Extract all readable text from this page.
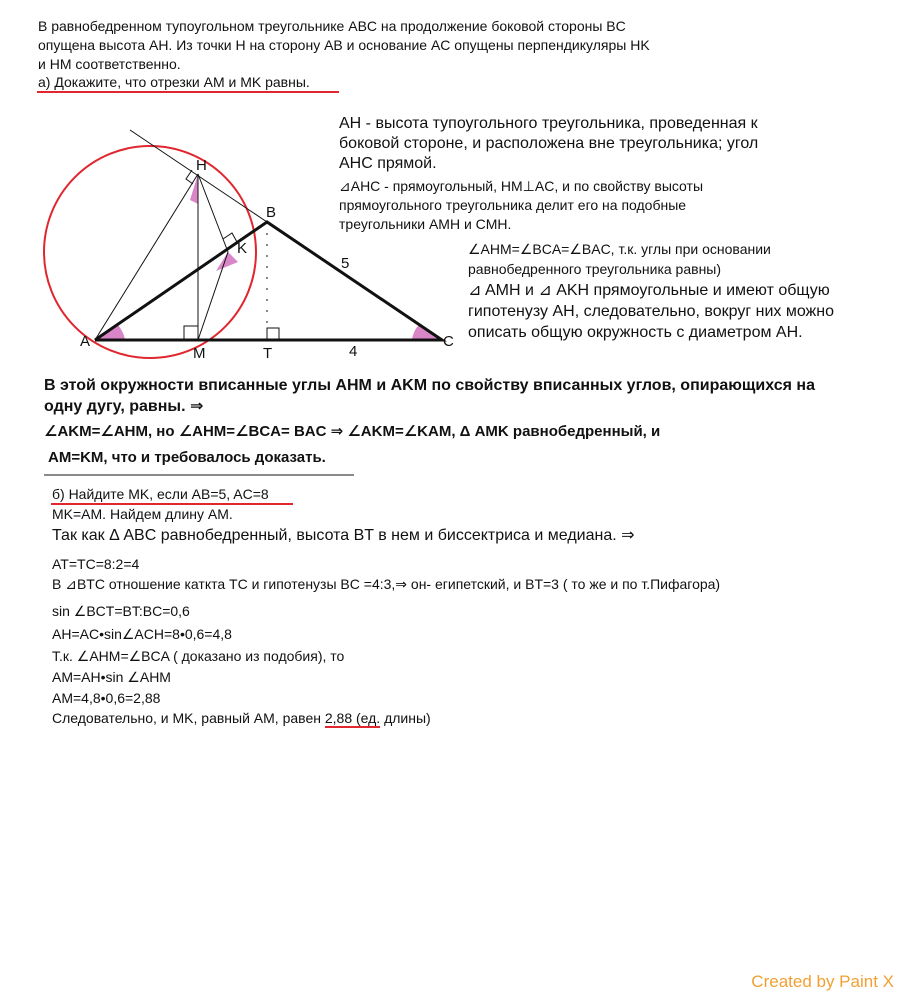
В равнобедренном тупоугольном треугольнике ABC на продолжение боковой стороны BC
опущена высота AH. Из точки H на сторону AB и основание AC опущены перпендикуляры HK
и HM соответственно.
а) Докажите, что отрезки AM и MK равны.
H
B
K
A
M	T
C
5
4
AH - высота тупоугольного треугольника, проведенная к
боковой стороне, и расположена вне треугольника; угол
AHC прямой.
⊿AHC - прямоугольный, HM⊥AC, и по свойству высоты
прямоугольного треугольника делит его на подобные
треугольники AMH и CMH.
∠AHM=∠BCA=∠BAC, т.к. углы при основании
равнобедренного треугольника равны)
⊿ AMH и ⊿ AKH прямоугольные и имеют общую
гипотенузу AH, следовательно, вокруг них можно
описать общую окружность с диаметром AH.
В этой окружности вписанные углы AHM и AKM по свойству вписанных углов, опирающихся на
одну дугу, равны. ⇒
∠AKM=∠AHM, но ∠AHM=∠BCA= BAC ⇒ ∠AKM=∠KAM, Δ AMK равнобедренный, и
AM=KM, что и требовалось доказать.
б) Найдите MK, если AB=5, AC=8
MK=AM. Найдем длину AM.
Так как Δ ABC равнобедренный, высота BT в нем и биссектриса и медиана. ⇒
AT=TC=8:2=4
В ⊿BTC отношение каткта TC и гипотенузы BC =4:3,⇒ он- египетский, и BT=3 ( то же и по т.Пифагора)
sin ∠BCT=BT:BC=0,6
AH=AC•sin∠ACH=8•0,6=4,8
Т.к. ∠AHM=∠BCA ( доказано из подобия), то
AM=AH•sin ∠AHM
AM=4,8•0,6=2,88
Следовательно, и MK, равный AM, равен 2,88 (ед. длины)
Created by Paint X
